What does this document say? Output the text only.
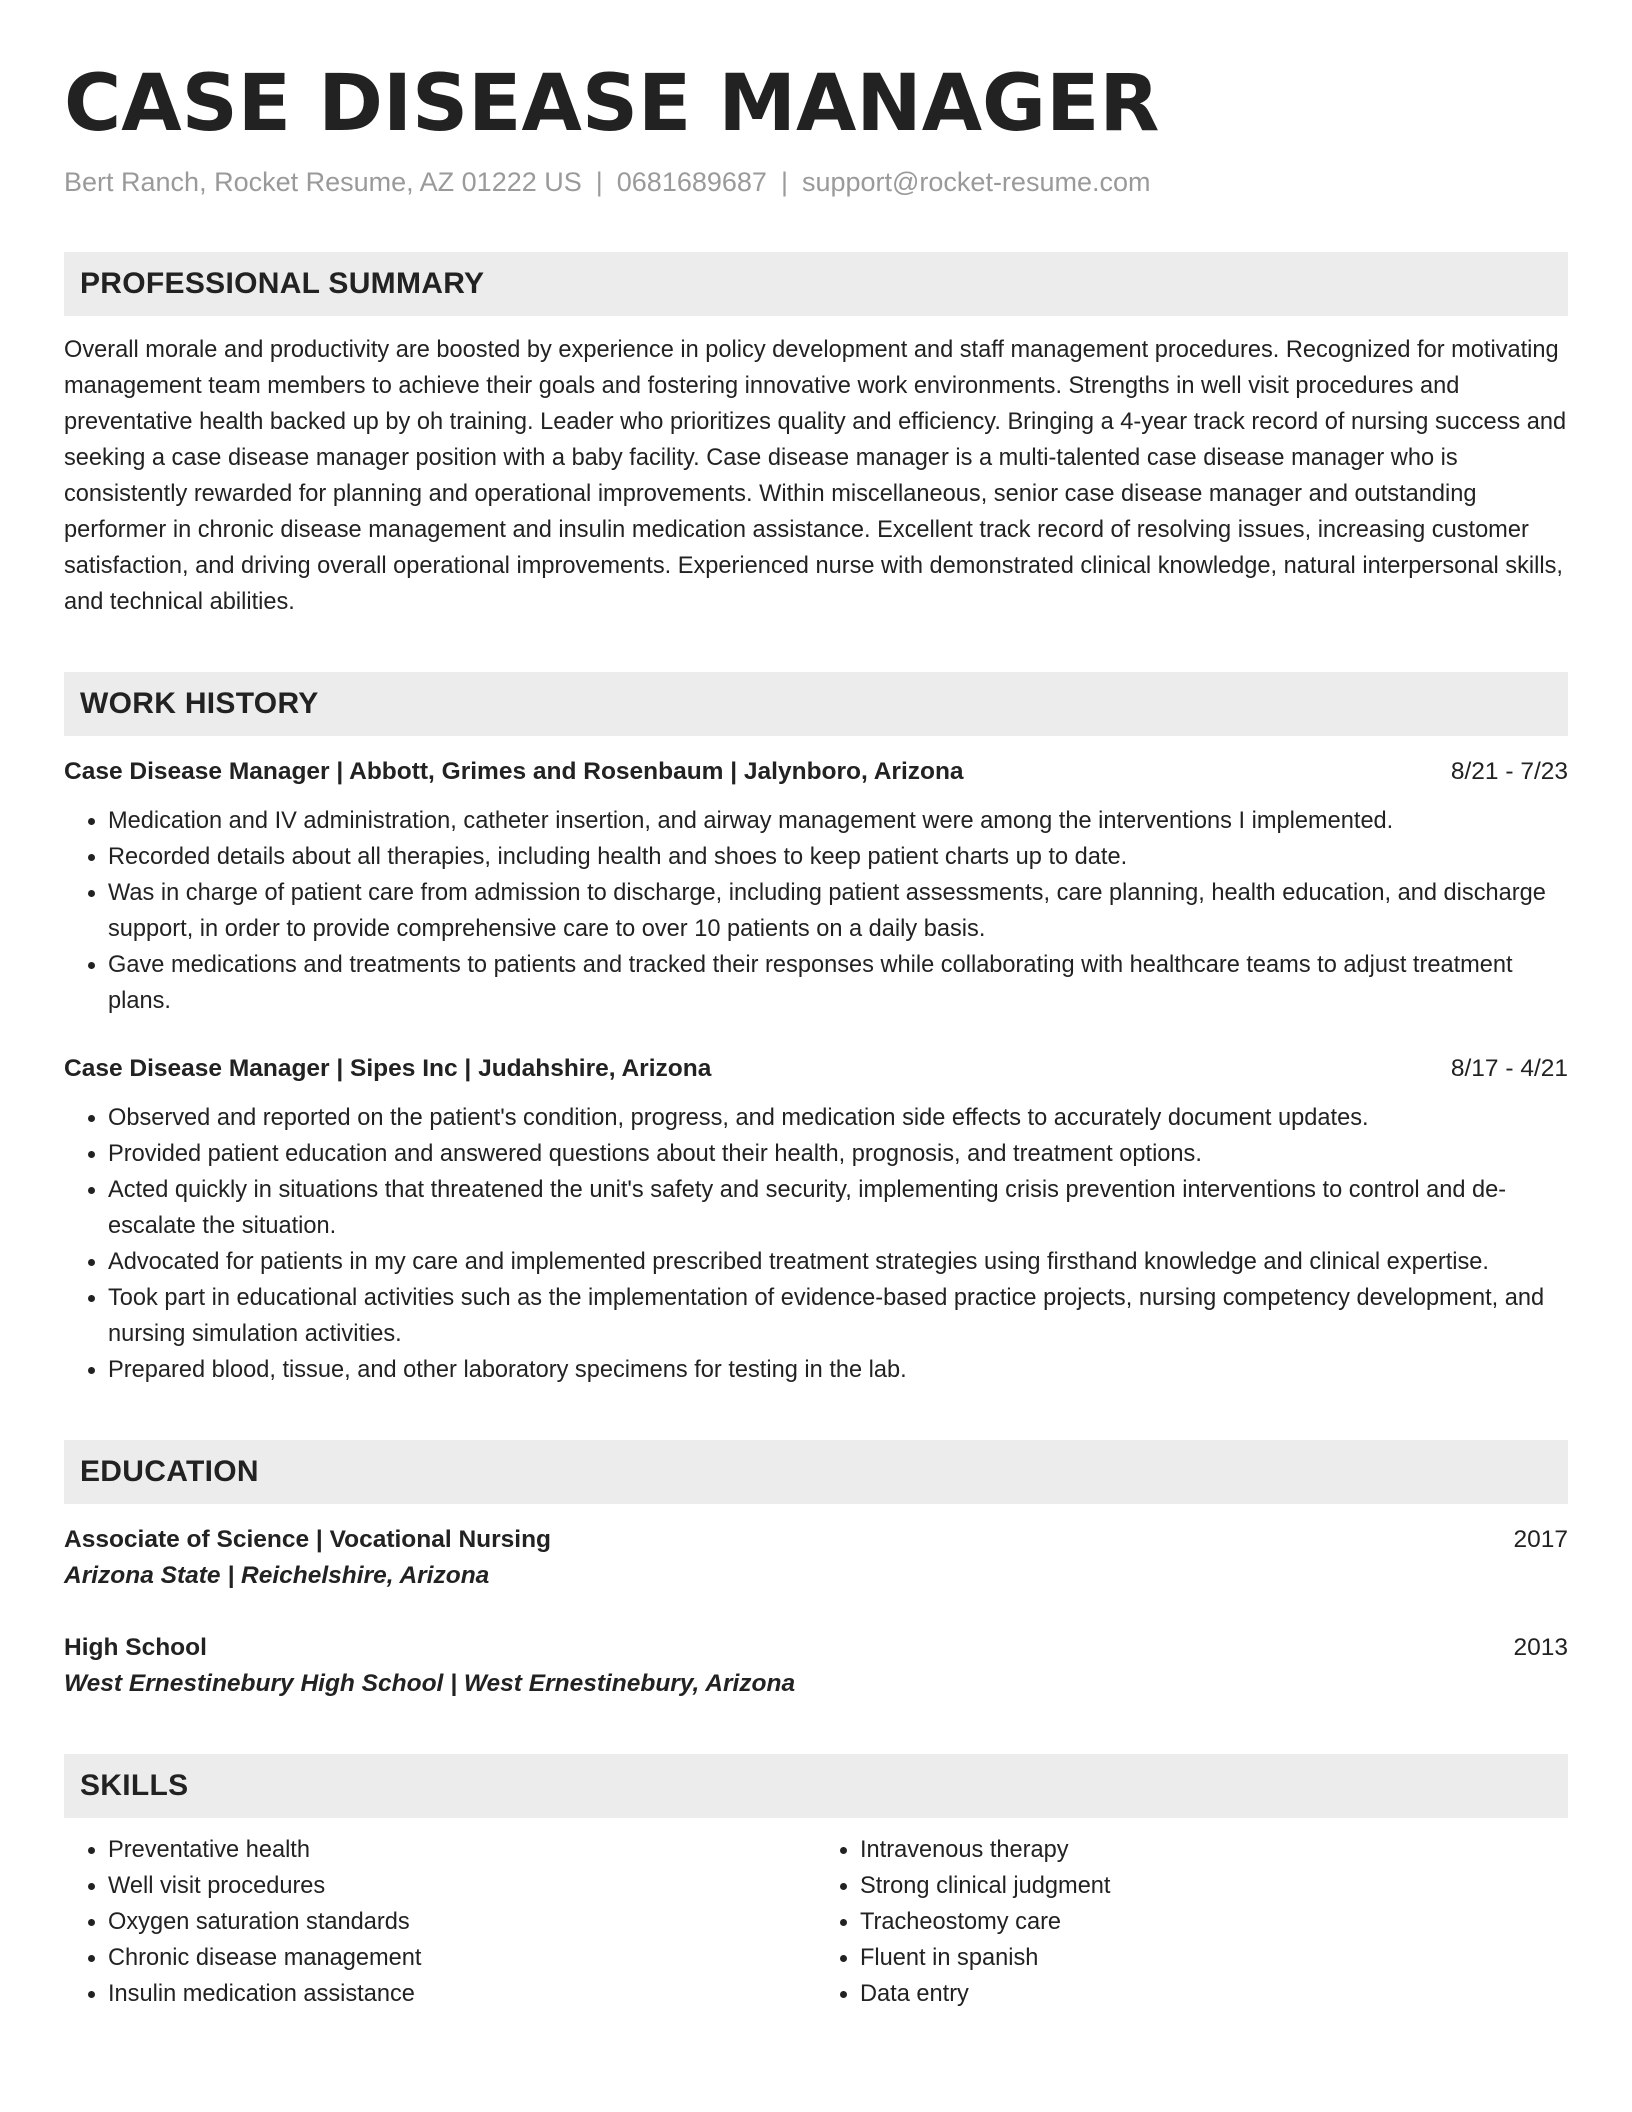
CASE DISEASE MANAGER
Bert Ranch, Rocket Resume, AZ 01222 US | 0681689687 | support@rocket-resume.com
PROFESSIONAL SUMMARY

Overall morale and productivity are boosted by experience in policy development and staff management procedures. Recognized for motivating management team members to achieve their goals and fostering innovative work environments. Strengths in well visit procedures and preventative health backed up by oh training. Leader who prioritizes quality and efficiency. Bringing a 4-year track record of nursing success and seeking a case disease manager position with a baby facility. Case disease manager is a multi-talented case disease manager who is consistently rewarded for planning and operational improvements. Within miscellaneous, senior case disease manager and outstanding performer in chronic disease management and insulin medication assistance. Excellent track record of resolving issues, increasing customer satisfaction, and driving overall operational improvements. Experienced nurse with demonstrated clinical knowledge, natural interpersonal skills, and technical abilities.

WORK HISTORY
Case Disease Manager | Abbott, Grimes and Rosenbaum | Jalynboro, Arizona	8/21 - 7/23
• Medication and IV administration, catheter insertion, and airway management were among the interventions I implemented.
• Recorded details about all therapies, including health and shoes to keep patient charts up to date.
• Was in charge of patient care from admission to discharge, including patient assessments, care planning, health education, and discharge support, in order to provide comprehensive care to over 10 patients on a daily basis.
• Gave medications and treatments to patients and tracked their responses while collaborating with healthcare teams to adjust treatment plans.
Case Disease Manager | Sipes Inc | Judahshire, Arizona	8/17 - 4/21
• Observed and reported on the patient's condition, progress, and medication side effects to accurately document updates.
• Provided patient education and answered questions about their health, prognosis, and treatment options.
• Acted quickly in situations that threatened the unit's safety and security, implementing crisis prevention interventions to control and de-escalate the situation.
• Advocated for patients in my care and implemented prescribed treatment strategies using firsthand knowledge and clinical expertise.
• Took part in educational activities such as the implementation of evidence-based practice projects, nursing competency development, and nursing simulation activities.
• Prepared blood, tissue, and other laboratory specimens for testing in the lab.
EDUCATION
Associate of Science | Vocational Nursing	2017
Arizona State | Reichelshire, Arizona
High School	2013
West Ernestinebury High School | West Ernestinebury, Arizona
SKILLS
• Preventative health
• Well visit procedures
• Oxygen saturation standards
• Chronic disease management
• Insulin medication assistance
• Intravenous therapy
• Strong clinical judgment
• Tracheostomy care
• Fluent in spanish
• Data entry
